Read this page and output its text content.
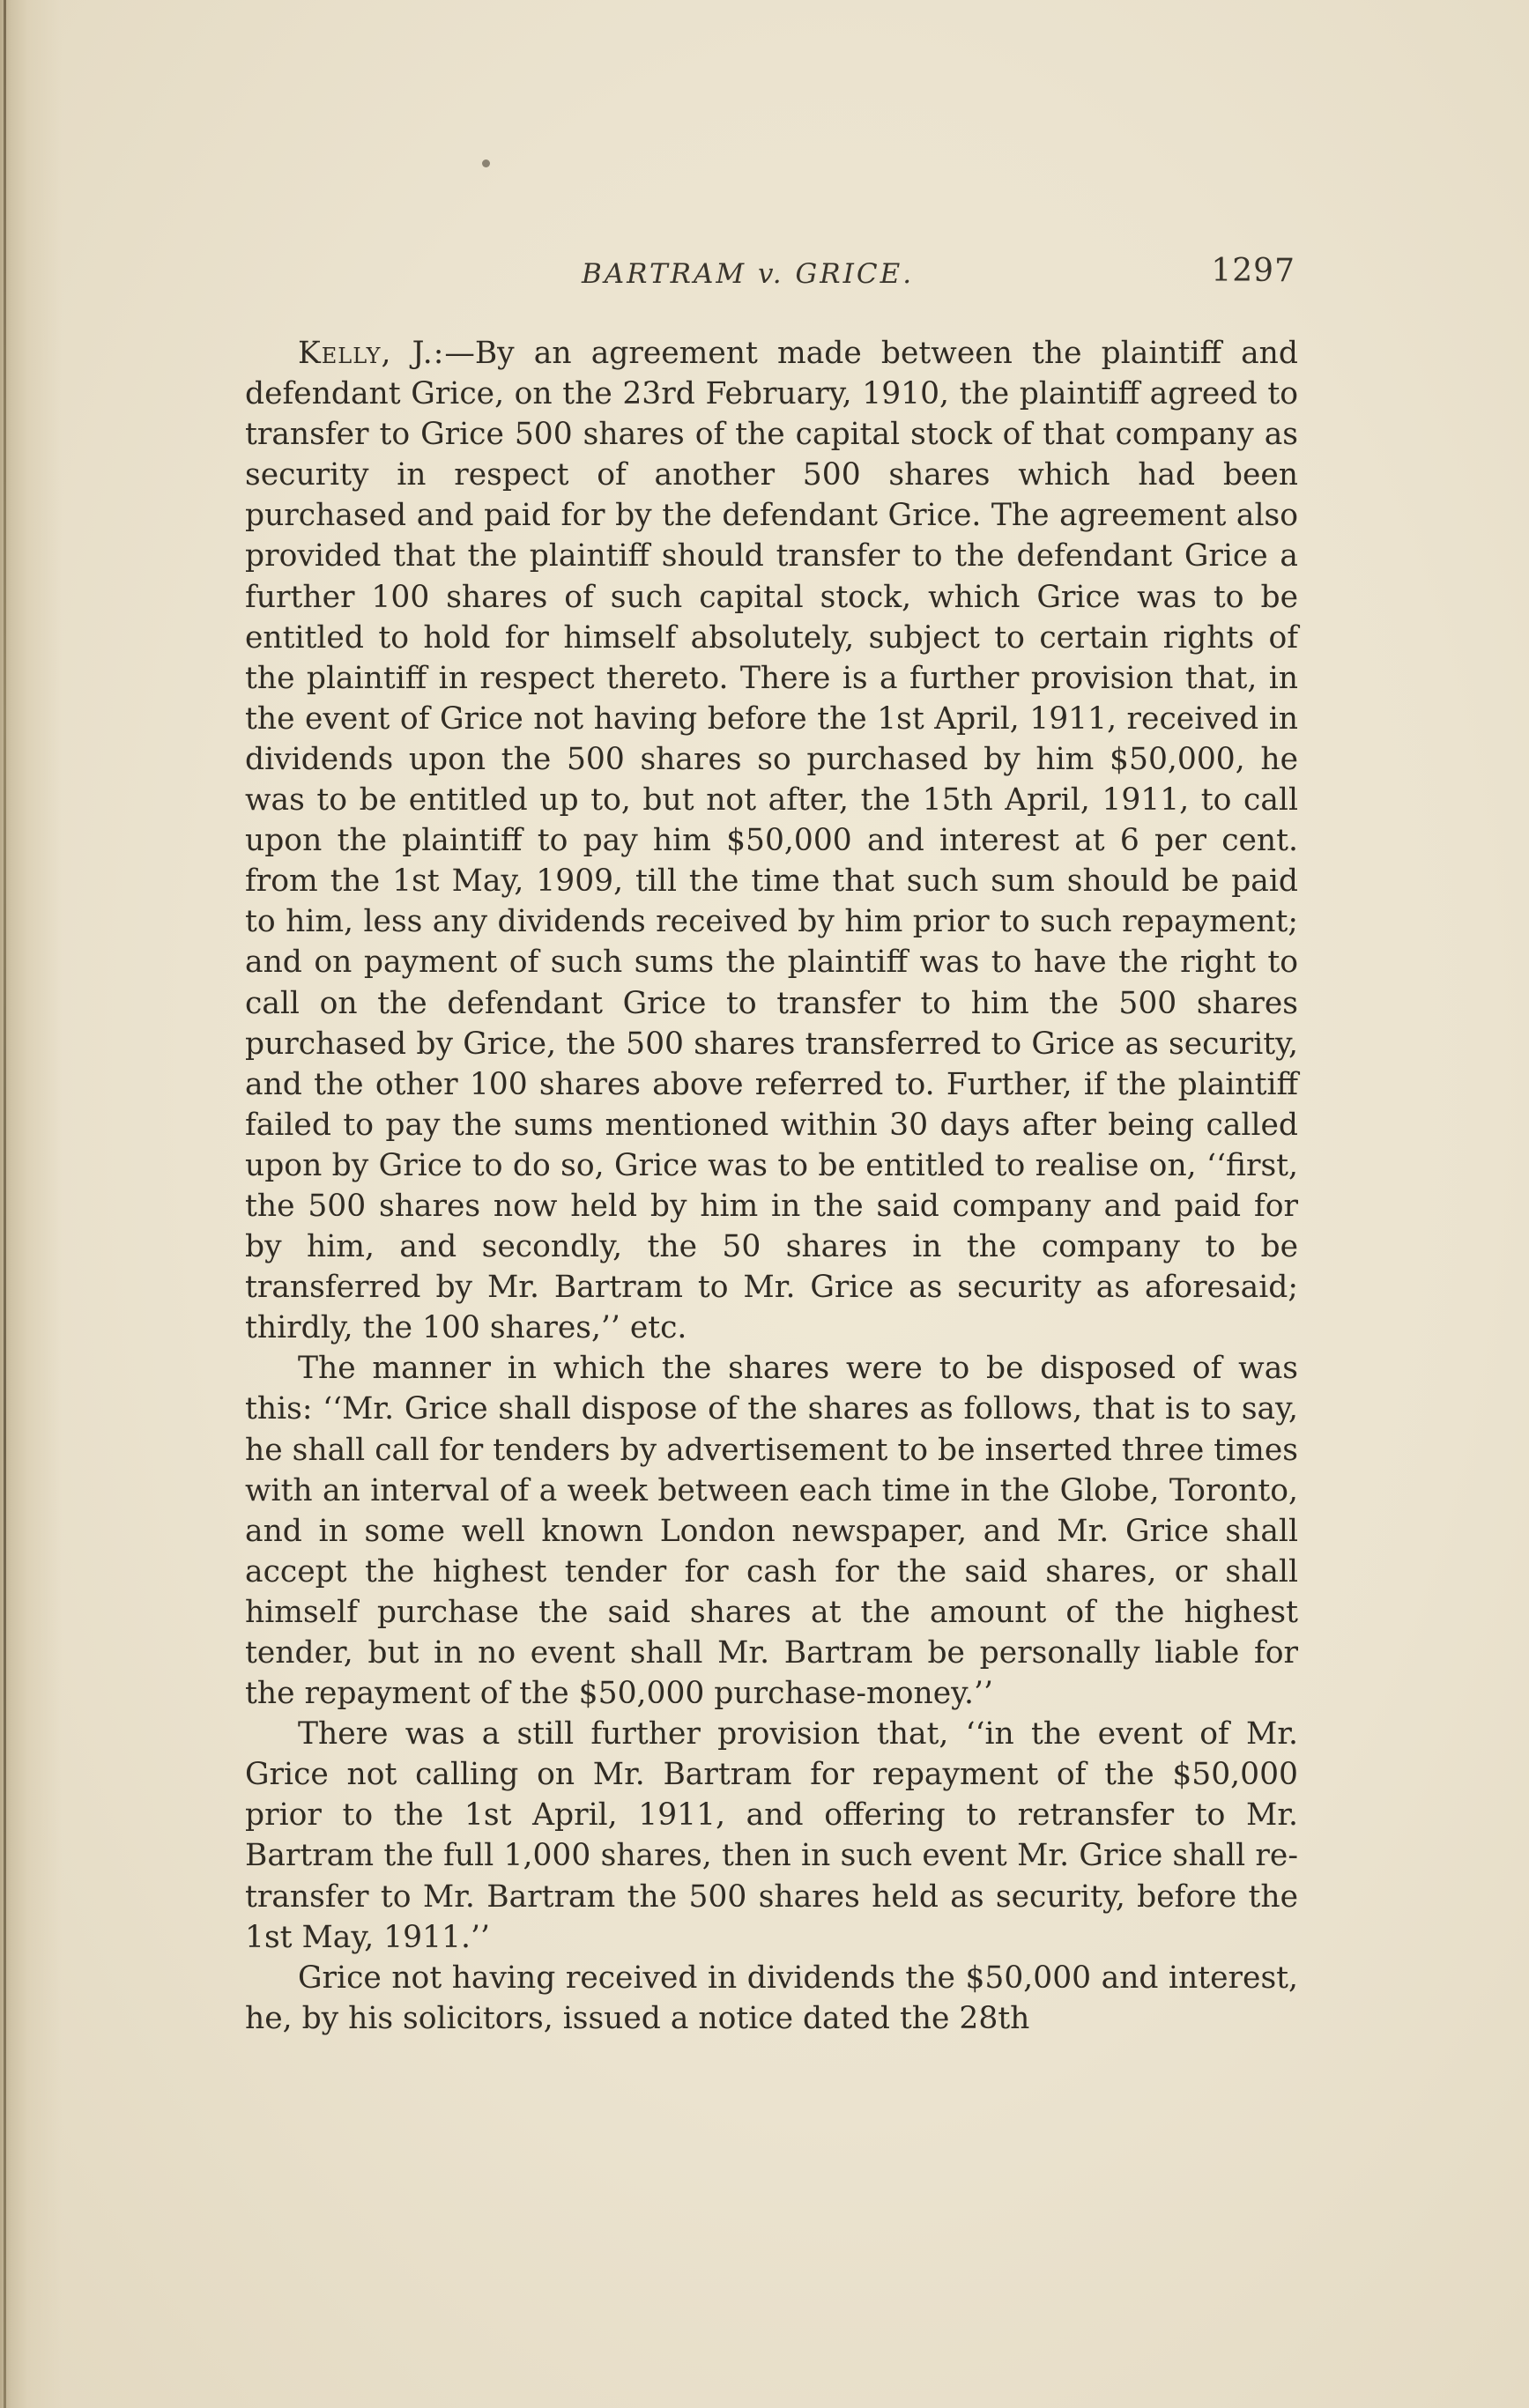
BARTRAM v. GRICE.	1297

Kelly, J.:—By an agreement made between the plaintiff and defendant Grice, on the 23rd February, 1910, the plaintiff agreed to transfer to Grice 500 shares of the capital stock of that company as security in respect of another 500 shares which had been purchased and paid for by the defendant Grice. The agreement also provided that the plaintiff should transfer to the defendant Grice a further 100 shares of such capital stock, which Grice was to be entitled to hold for himself absolutely, subject to certain rights of the plaintiff in respect thereto. There is a further provision that, in the event of Grice not having before the 1st April, 1911, received in dividends upon the 500 shares so purchased by him $50,000, he was to be entitled up to, but not after, the 15th April, 1911, to call upon the plaintiff to pay him $50,000 and interest at 6 per cent. from the 1st May, 1909, till the time that such sum should be paid to him, less any dividends received by him prior to such repayment; and on payment of such sums the plaintiff was to have the right to call on the defendant Grice to transfer to him the 500 shares purchased by Grice, the 500 shares transferred to Grice as security, and the other 100 shares above referred to. Further, if the plaintiff failed to pay the sums mentioned within 30 days after being called upon by Grice to do so, Grice was to be entitled to realise on, ‘‘first, the 500 shares now held by him in the said company and paid for by him, and secondly, the 50 shares in the company to be transferred by Mr. Bartram to Mr. Grice as security as aforesaid; thirdly, the 100 shares,’’ etc.

The manner in which the shares were to be disposed of was this: ‘‘Mr. Grice shall dispose of the shares as follows, that is to say, he shall call for tenders by advertisement to be inserted three times with an interval of a week between each time in the Globe, Toronto, and in some well known London newspaper, and Mr. Grice shall accept the highest tender for cash for the said shares, or shall himself purchase the said shares at the amount of the highest tender, but in no event shall Mr. Bartram be personally liable for the repayment of the $50,000 purchase-money.’’

There was a still further provision that, ‘‘in the event of Mr. Grice not calling on Mr. Bartram for repayment of the $50,000 prior to the 1st April, 1911, and offering to retransfer to Mr. Bartram the full 1,000 shares, then in such event Mr. Grice shall re-transfer to Mr. Bartram the 500 shares held as security, before the 1st May, 1911.’’

Grice not having received in dividends the $50,000 and interest, he, by his solicitors, issued a notice dated the 28th
